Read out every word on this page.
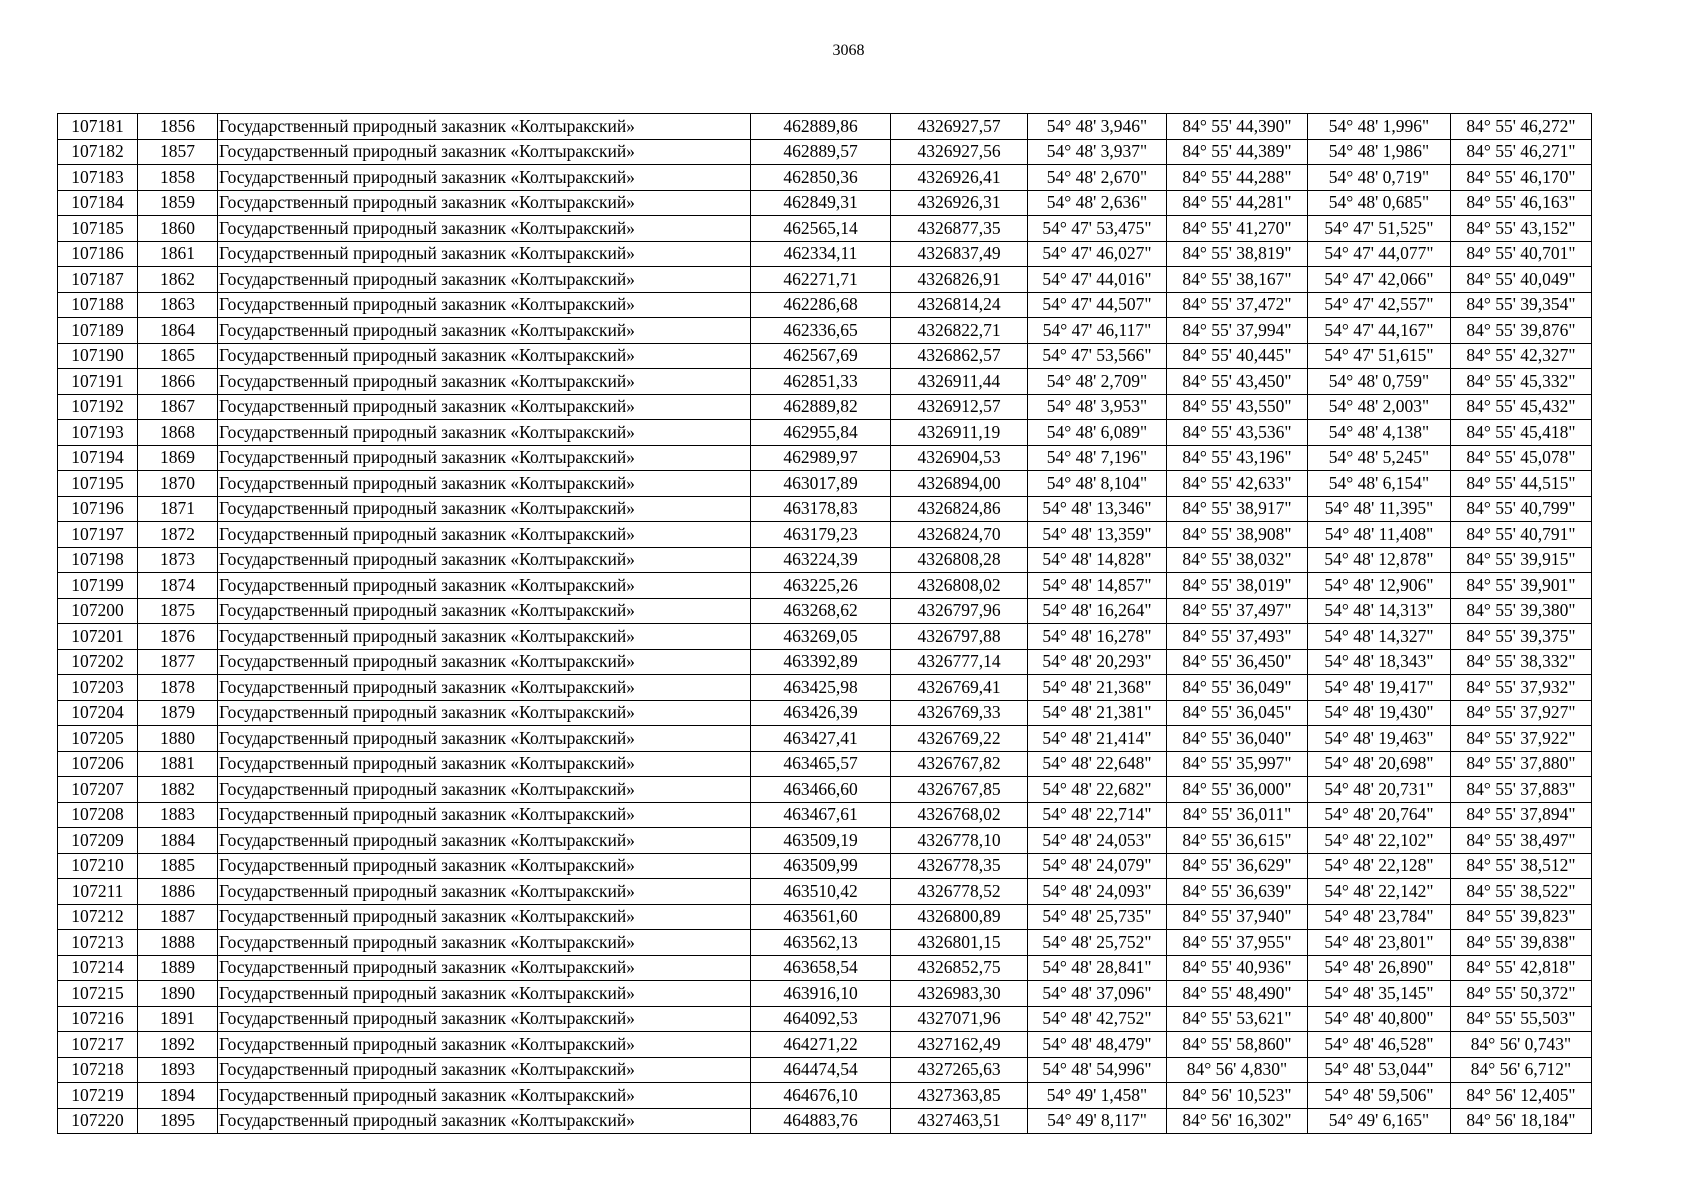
3068
107181	1856	Государственный природный заказник «Колтыракский»	462889,86	4326927,57	54° 48' 3,946"	84° 55' 44,390"	54° 48' 1,996"	84° 55' 46,272"
107182	1857	Государственный природный заказник «Колтыракский»	462889,57	4326927,56	54° 48' 3,937"	84° 55' 44,389"	54° 48' 1,986"	84° 55' 46,271"
107183	1858	Государственный природный заказник «Колтыракский»	462850,36	4326926,41	54° 48' 2,670"	84° 55' 44,288"	54° 48' 0,719"	84° 55' 46,170"
107184	1859	Государственный природный заказник «Колтыракский»	462849,31	4326926,31	54° 48' 2,636"	84° 55' 44,281"	54° 48' 0,685"	84° 55' 46,163"
107185	1860	Государственный природный заказник «Колтыракский»	462565,14	4326877,35	54° 47' 53,475"	84° 55' 41,270"	54° 47' 51,525"	84° 55' 43,152"
107186	1861	Государственный природный заказник «Колтыракский»	462334,11	4326837,49	54° 47' 46,027"	84° 55' 38,819"	54° 47' 44,077"	84° 55' 40,701"
107187	1862	Государственный природный заказник «Колтыракский»	462271,71	4326826,91	54° 47' 44,016"	84° 55' 38,167"	54° 47' 42,066"	84° 55' 40,049"
107188	1863	Государственный природный заказник «Колтыракский»	462286,68	4326814,24	54° 47' 44,507"	84° 55' 37,472"	54° 47' 42,557"	84° 55' 39,354"
107189	1864	Государственный природный заказник «Колтыракский»	462336,65	4326822,71	54° 47' 46,117"	84° 55' 37,994"	54° 47' 44,167"	84° 55' 39,876"
107190	1865	Государственный природный заказник «Колтыракский»	462567,69	4326862,57	54° 47' 53,566"	84° 55' 40,445"	54° 47' 51,615"	84° 55' 42,327"
107191	1866	Государственный природный заказник «Колтыракский»	462851,33	4326911,44	54° 48' 2,709"	84° 55' 43,450"	54° 48' 0,759"	84° 55' 45,332"
107192	1867	Государственный природный заказник «Колтыракский»	462889,82	4326912,57	54° 48' 3,953"	84° 55' 43,550"	54° 48' 2,003"	84° 55' 45,432"
107193	1868	Государственный природный заказник «Колтыракский»	462955,84	4326911,19	54° 48' 6,089"	84° 55' 43,536"	54° 48' 4,138"	84° 55' 45,418"
107194	1869	Государственный природный заказник «Колтыракский»	462989,97	4326904,53	54° 48' 7,196"	84° 55' 43,196"	54° 48' 5,245"	84° 55' 45,078"
107195	1870	Государственный природный заказник «Колтыракский»	463017,89	4326894,00	54° 48' 8,104"	84° 55' 42,633"	54° 48' 6,154"	84° 55' 44,515"
107196	1871	Государственный природный заказник «Колтыракский»	463178,83	4326824,86	54° 48' 13,346"	84° 55' 38,917"	54° 48' 11,395"	84° 55' 40,799"
107197	1872	Государственный природный заказник «Колтыракский»	463179,23	4326824,70	54° 48' 13,359"	84° 55' 38,908"	54° 48' 11,408"	84° 55' 40,791"
107198	1873	Государственный природный заказник «Колтыракский»	463224,39	4326808,28	54° 48' 14,828"	84° 55' 38,032"	54° 48' 12,878"	84° 55' 39,915"
107199	1874	Государственный природный заказник «Колтыракский»	463225,26	4326808,02	54° 48' 14,857"	84° 55' 38,019"	54° 48' 12,906"	84° 55' 39,901"
107200	1875	Государственный природный заказник «Колтыракский»	463268,62	4326797,96	54° 48' 16,264"	84° 55' 37,497"	54° 48' 14,313"	84° 55' 39,380"
107201	1876	Государственный природный заказник «Колтыракский»	463269,05	4326797,88	54° 48' 16,278"	84° 55' 37,493"	54° 48' 14,327"	84° 55' 39,375"
107202	1877	Государственный природный заказник «Колтыракский»	463392,89	4326777,14	54° 48' 20,293"	84° 55' 36,450"	54° 48' 18,343"	84° 55' 38,332"
107203	1878	Государственный природный заказник «Колтыракский»	463425,98	4326769,41	54° 48' 21,368"	84° 55' 36,049"	54° 48' 19,417"	84° 55' 37,932"
107204	1879	Государственный природный заказник «Колтыракский»	463426,39	4326769,33	54° 48' 21,381"	84° 55' 36,045"	54° 48' 19,430"	84° 55' 37,927"
107205	1880	Государственный природный заказник «Колтыракский»	463427,41	4326769,22	54° 48' 21,414"	84° 55' 36,040"	54° 48' 19,463"	84° 55' 37,922"
107206	1881	Государственный природный заказник «Колтыракский»	463465,57	4326767,82	54° 48' 22,648"	84° 55' 35,997"	54° 48' 20,698"	84° 55' 37,880"
107207	1882	Государственный природный заказник «Колтыракский»	463466,60	4326767,85	54° 48' 22,682"	84° 55' 36,000"	54° 48' 20,731"	84° 55' 37,883"
107208	1883	Государственный природный заказник «Колтыракский»	463467,61	4326768,02	54° 48' 22,714"	84° 55' 36,011"	54° 48' 20,764"	84° 55' 37,894"
107209	1884	Государственный природный заказник «Колтыракский»	463509,19	4326778,10	54° 48' 24,053"	84° 55' 36,615"	54° 48' 22,102"	84° 55' 38,497"
107210	1885	Государственный природный заказник «Колтыракский»	463509,99	4326778,35	54° 48' 24,079"	84° 55' 36,629"	54° 48' 22,128"	84° 55' 38,512"
107211	1886	Государственный природный заказник «Колтыракский»	463510,42	4326778,52	54° 48' 24,093"	84° 55' 36,639"	54° 48' 22,142"	84° 55' 38,522"
107212	1887	Государственный природный заказник «Колтыракский»	463561,60	4326800,89	54° 48' 25,735"	84° 55' 37,940"	54° 48' 23,784"	84° 55' 39,823"
107213	1888	Государственный природный заказник «Колтыракский»	463562,13	4326801,15	54° 48' 25,752"	84° 55' 37,955"	54° 48' 23,801"	84° 55' 39,838"
107214	1889	Государственный природный заказник «Колтыракский»	463658,54	4326852,75	54° 48' 28,841"	84° 55' 40,936"	54° 48' 26,890"	84° 55' 42,818"
107215	1890	Государственный природный заказник «Колтыракский»	463916,10	4326983,30	54° 48' 37,096"	84° 55' 48,490"	54° 48' 35,145"	84° 55' 50,372"
107216	1891	Государственный природный заказник «Колтыракский»	464092,53	4327071,96	54° 48' 42,752"	84° 55' 53,621"	54° 48' 40,800"	84° 55' 55,503"
107217	1892	Государственный природный заказник «Колтыракский»	464271,22	4327162,49	54° 48' 48,479"	84° 55' 58,860"	54° 48' 46,528"	84° 56' 0,743"
107218	1893	Государственный природный заказник «Колтыракский»	464474,54	4327265,63	54° 48' 54,996"	84° 56' 4,830"	54° 48' 53,044"	84° 56' 6,712"
107219	1894	Государственный природный заказник «Колтыракский»	464676,10	4327363,85	54° 49' 1,458"	84° 56' 10,523"	54° 48' 59,506"	84° 56' 12,405"
107220	1895	Государственный природный заказник «Колтыракский»	464883,76	4327463,51	54° 49' 8,117"	84° 56' 16,302"	54° 49' 6,165"	84° 56' 18,184"
